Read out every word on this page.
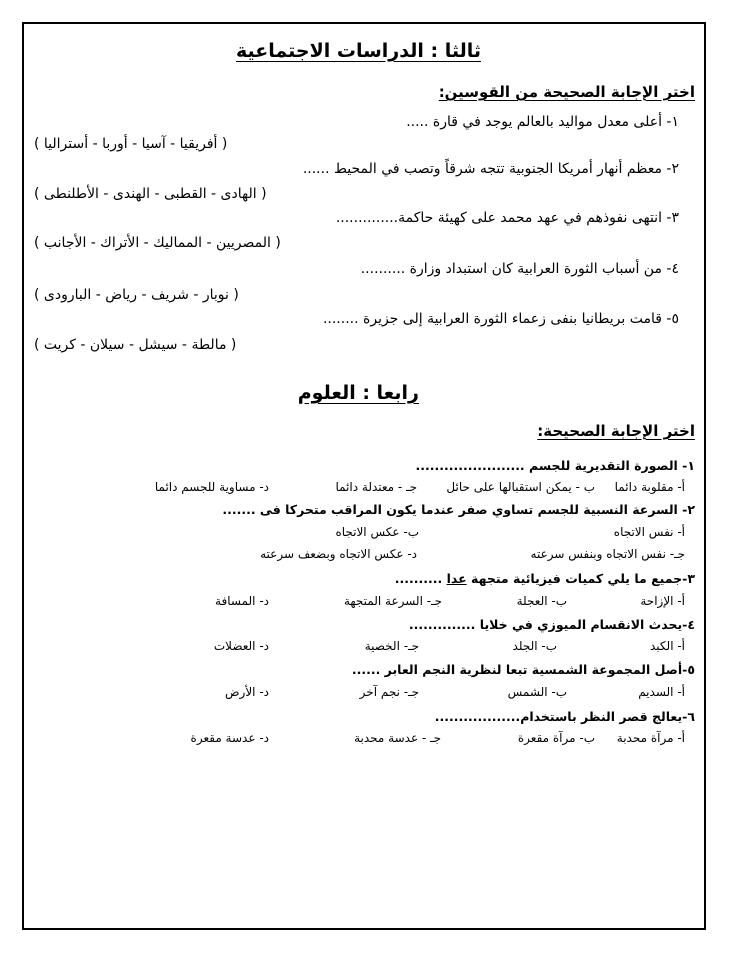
ثالثا : الدراسات الاجتماعية
اختر الإجابة الصحيحة من القوسين:
١- أعلى معدل مواليد بالعالم يوجد في قارة .....
( أفريقيا - آسيا - أوربا - أستراليا )
٢- معظم أنهار أمريكا الجنوبية تتجه شرقاً وتصب في المحيط ......
( الهادى - القطبى - الهندى - الأطلنطى )
٣- انتهى نفوذهم في عهد محمد على كهيئة حاكمة..............
( المصريين - المماليك - الأتراك - الأجانب )
٤- من أسباب الثورة العرابية كان استبداد وزارة ..........
( نوبار - شريف - رياض - البارودى )
٥- قامت بريطانيا بنفى زعماء الثورة العرابية إلى جزيرة ........
( مالطة - سيشل - سيلان - كريت )
رابعا : العلوم
اختر الإجابة الصحيحة:
١- الصورة التقديرية للجسم .......................
أ- مقلوبة دائما
ب - يمكن استقبالها على حائل
جـ - معتدلة دائما
د- مساوية للجسم دائما
٢- السرعة النسبية للجسم تساوي صفر عندما يكون المراقب متحركا فى .......
أ- نفس الاتجاه
ب- عكس الاتجاه
جـ- نفس الاتجاه وبنفس سرعته
د- عكس الاتجاه وبضعف سرعته
٣-جميع ما يلي كميات فيزيائية متجهة عدا ..........
أ- الإزاحة
ب- العجلة
جـ- السرعة المتجهة
د- المسافة
٤-يحدث الانقسام الميوزي في خلايا ..............
أ- الكبد
ب- الجلد
جـ- الخصية
د- العضلات
٥-أصل المجموعة الشمسية تبعا لنظرية النجم العابر ......
أ- السديم
ب- الشمس
جـ- نجم آخر
د- الأرض
٦-يعالج قصر النظر باستخدام..................
أ- مرآة محدبة
ب- مرآة مقعرة
جـ - عدسة محدبة
د- عدسة مقعرة
